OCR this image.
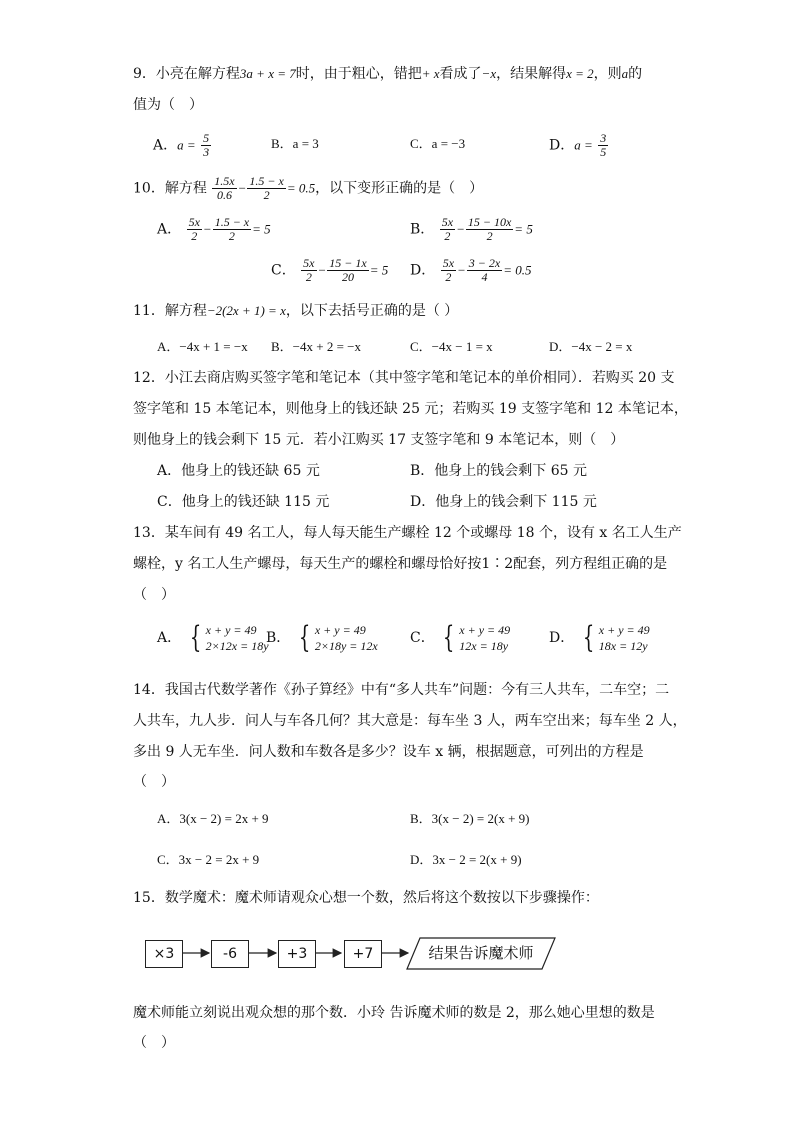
9．小亮在解方程3a + x = 7时，由于粗心，错把+ x看成了−x，结果解得x = 2，则a的
值为（　）
A．$a = \frac{5}{3}$	B．a = 3	C．a = −3	D．$a = \frac{3}{5}$
10．解方程 $\frac{1.5x}{0.6} - \frac{1.5 - x}{2} = 0.5$，以下变形正确的是（　）
A． $\frac{5x}{2} - \frac{1.5 - x}{2} = 5$	B． $\frac{5x}{2} - \frac{15 - 10x}{2} = 5$
C． $\frac{5x}{2} - \frac{15 - 1x}{20} = 5$ D． $\frac{5x}{2} - \frac{3 - 2x}{4} = 0.5$
11．解方程−2(2x + 1) = x，以下去括号正确的是（ ）
A．−4x + 1 = −x B．−4x + 2 = −x	C．−4x − 1 = x	D．−4x − 2 = x
12．小江去商店购买签字笔和笔记本（其中签字笔和笔记本的单价相同）．若购买 20 支
签字笔和 15 本笔记本，则他身上的钱还缺 25 元；若购买 19 支签字笔和 12 本笔记本，
则他身上的钱会剩下 15 元．若小江购买 17 支签字笔和 9 本笔记本，则（　）
A．他身上的钱还缺 65 元	B．他身上的钱会剩下 65 元
C．他身上的钱还缺 115 元	D．他身上的钱会剩下 115 元
13．某车间有 49 名工人，每人每天能生产螺栓 12 个或螺母 18 个，设有 x 名工人生产
螺栓，y 名工人生产螺母，每天生产的螺栓和螺母恰好按1∶2配套，列方程组正确的是
（　）
A． { x + y = 49
2×12x = 18y
B． { x + y = 49
2×18y = 12x C． { x + y = 49
12x = 18y	D． { x + y = 49
18x = 12y
14．我国古代数学著作《孙子算经》中有“多人共车”问题：今有三人共车，二车空；二
人共车，九人步．问人与车各几何？其大意是：每车坐 3 人，两车空出来；每车坐 2 人，
多出 9 人无车坐．问人数和车数各是多少？设车 x 辆，根据题意，可列出的方程是
（　）
A．3(x − 2) = 2x + 9	B．3(x − 2) = 2(x + 9)
C．3x − 2 = 2x + 9	D．3x − 2 = 2(x + 9)
15．数学魔术：魔术师请观众心想一个数，然后将这个数按以下步骤操作：
×3	-6	+3	+7	结果告诉魔术师
魔术师能立刻说出观众想的那个数．小玲 告诉魔术师的数是 2，那么她心里想的数是
（　）
